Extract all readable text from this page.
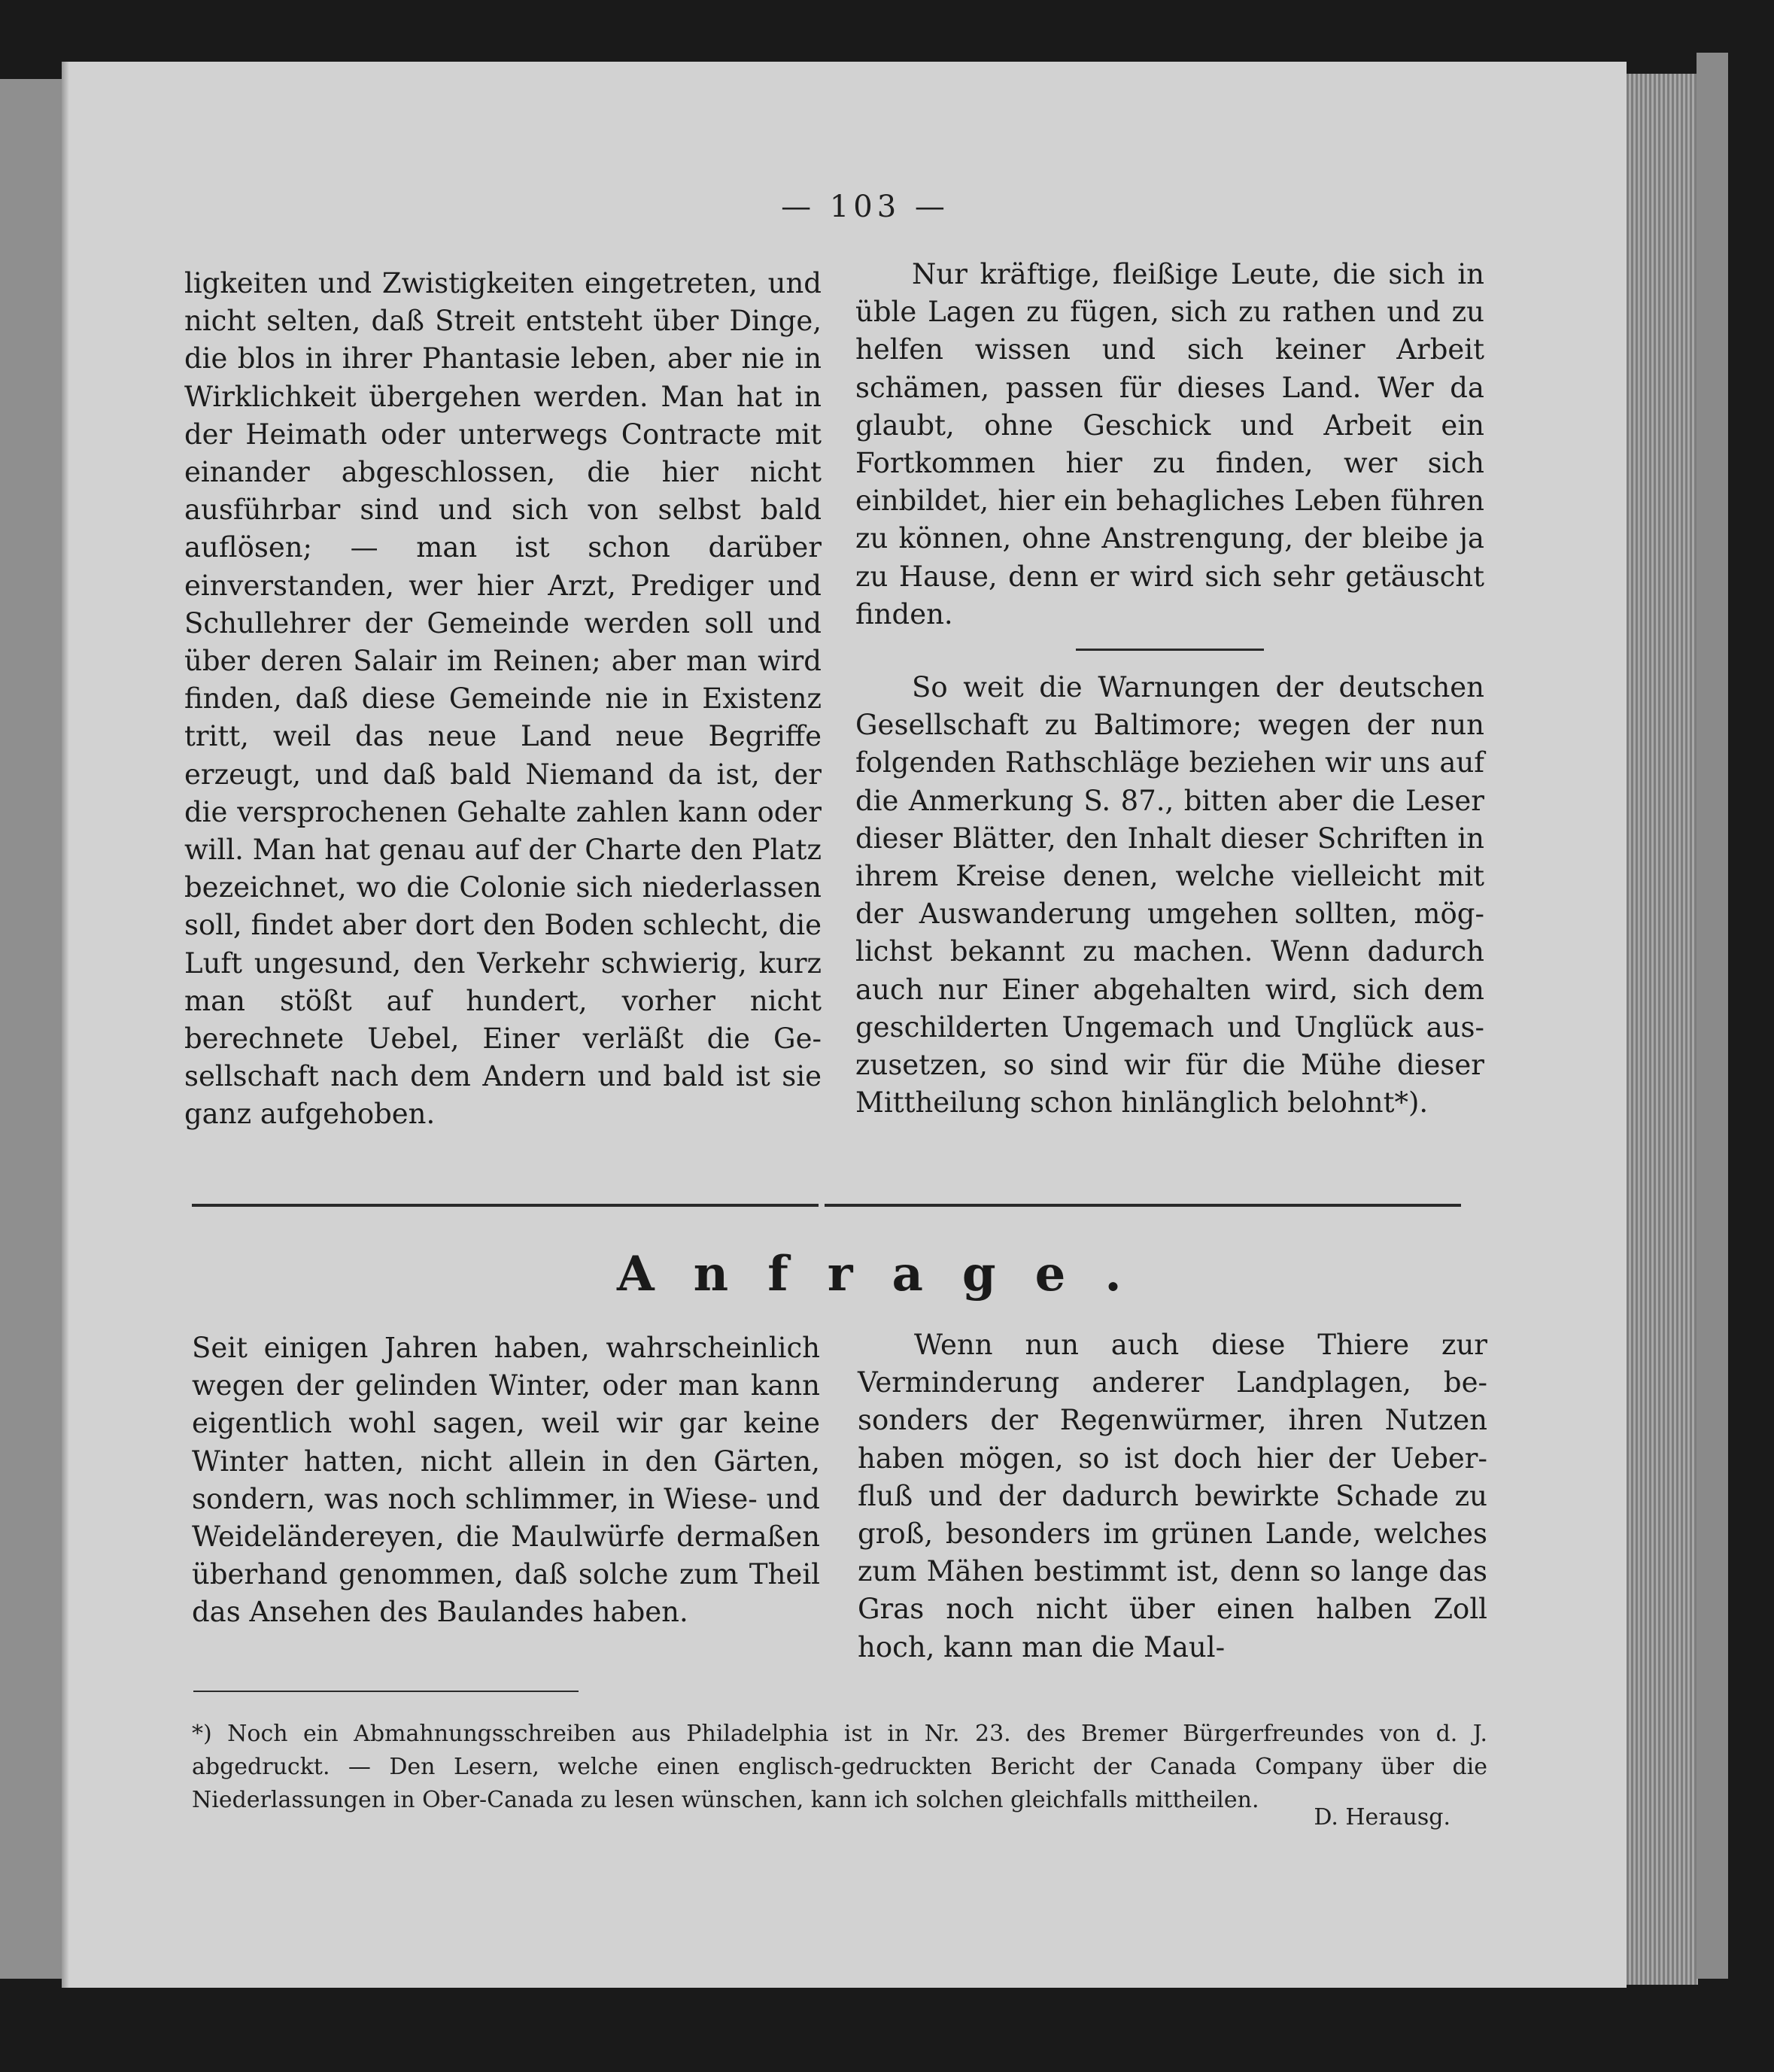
— 103 —

ligkeiten und Zwistigkeiten eingetreten, und nicht selten, daß Streit entsteht über Dinge, die blos in ihrer Phantasie leben, aber nie in Wirklichkeit übergehen werden. Man hat in der Heimath oder unterwegs Contracte mit einander abgeschlossen, die hier nicht ausführbar sind und sich von selbst bald auflösen; — man ist schon darüber einverstanden, wer hier Arzt, Prediger und Schullehrer der Gemeinde werden soll und über deren Salair im Reinen; aber man wird finden, daß diese Gemeinde nie in Existenz tritt, weil das neue Land neue Begriffe erzeugt, und daß bald Niemand da ist, der die versprochenen Gehalte zahlen kann oder will. Man hat genau auf der Charte den Platz bezeichnet, wo die Colonie sich niederlassen soll, findet aber dort den Boden schlecht, die Luft ungesund, den Verkehr schwierig, kurz man stößt auf hundert, vorher nicht berechnete Uebel, Einer verläßt die Gesellschaft nach dem Andern und bald ist sie ganz aufgehoben.

Nur kräftige, fleißige Leute, die sich in üble Lagen zu fügen, sich zu rathen und zu helfen wissen und sich keiner Arbeit schämen, passen für dieses Land. Wer da glaubt, ohne Geschick und Arbeit ein Fortkommen hier zu finden, wer sich einbildet, hier ein behagliches Leben führen zu können, ohne Anstrengung, der bleibe ja zu Hause, denn er wird sich sehr getäuscht finden.

So weit die Warnungen der deutschen Gesellschaft zu Baltimore; wegen der nun folgenden Rathschläge beziehen wir uns auf die Anmerkung S. 87., bitten aber die Leser dieser Blätter, den Inhalt dieser Schriften in ihrem Kreise denen, welche vielleicht mit der Auswanderung umgehen sollten, möglichst bekannt zu machen. Wenn dadurch auch nur Einer abgehalten wird, sich dem geschilderten Ungemach und Unglück auszusetzen, so sind wir für die Mühe dieser Mittheilung schon hinlänglich belohnt*).

Anfrage.

Seit einigen Jahren haben, wahrscheinlich wegen der gelinden Winter, oder man kann eigentlich wohl sagen, weil wir gar keine Winter hatten, nicht allein in den Gärten, sondern, was noch schlimmer, in Wiese- und Weideländereyen, die Maulwürfe dermaßen überhand genommen, daß solche zum Theil das Ansehen des Baulandes haben.

Wenn nun auch diese Thiere zur Verminderung anderer Landplagen, besonders der Regenwürmer, ihren Nutzen haben mögen, so ist doch hier der Ueberfluß und der dadurch bewirkte Schade zu groß, besonders im grünen Lande, welches zum Mähen bestimmt ist, denn so lange das Gras noch nicht über einen halben Zoll hoch, kann man die Maul-

*) Noch ein Abmahnungsschreiben aus Philadelphia ist in Nr. 23. des Bremer Bürgerfreundes von d. J. abgedruckt. — Den Lesern, welche einen englisch-gedruckten Bericht der Canada Company über die Niederlassungen in Ober-Canada zu lesen wünschen, kann ich solchen gleichfalls mittheilen.

D. Herausg.
